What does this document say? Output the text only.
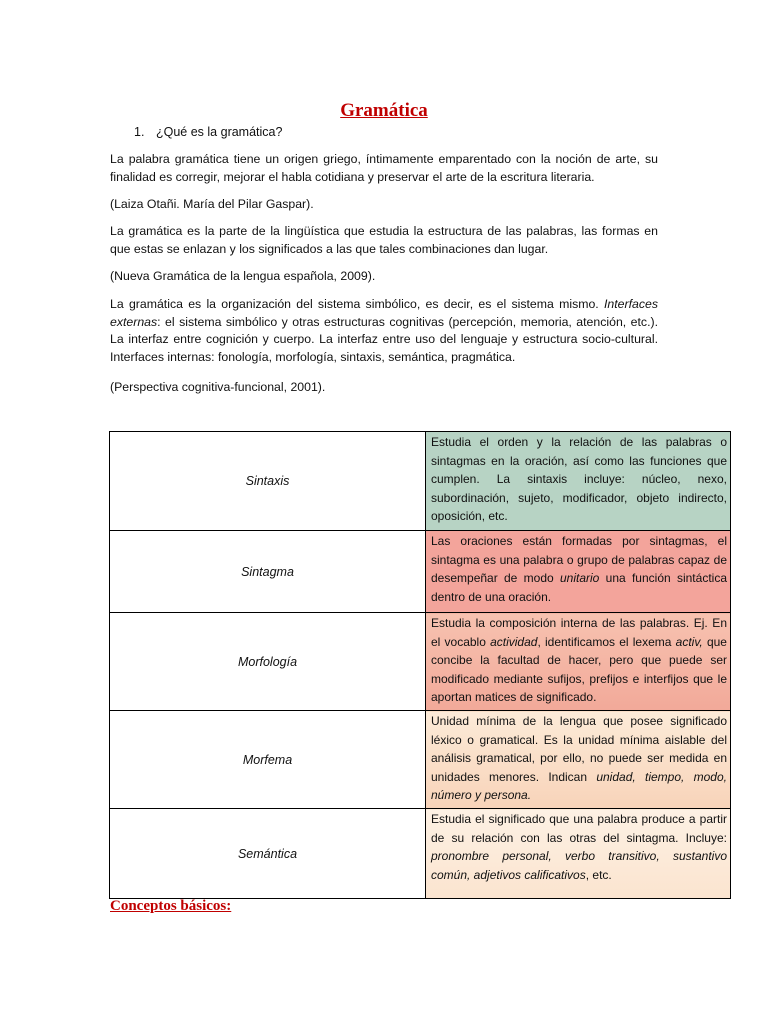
Gramática
1. ¿Qué es la gramática?
La palabra gramática tiene un origen griego, íntimamente emparentado con la noción de arte, su finalidad es corregir, mejorar el habla cotidiana y preservar el arte de la escritura literaria.
(Laiza Otañi. María del Pilar Gaspar).
La gramática es la parte de la lingüística que estudia la estructura de las palabras, las formas en que estas se enlazan y los significados a las que tales combinaciones dan lugar.
(Nueva Gramática de la lengua española, 2009).
La gramática es la organización del sistema simbólico, es decir, es el sistema mismo. Interfaces externas: el sistema simbólico y otras estructuras cognitivas (percepción, memoria, atención, etc.). La interfaz entre cognición y cuerpo. La interfaz entre uso del lenguaje y estructura socio-cultural. Interfaces internas: fonología, morfología, sintaxis, semántica, pragmática.
(Perspectiva cognitiva-funcional, 2001).
Sintaxis	Estudia el orden y la relación de las palabras o sintagmas en la oración, así como las funciones que cumplen. La sintaxis incluye: núcleo, nexo, subordinación, sujeto, modificador, objeto indirecto, oposición, etc.
Sintagma	Las oraciones están formadas por sintagmas, el sintagma es una palabra o grupo de palabras capaz de desempeñar de modo unitario una función sintáctica dentro de una oración.
Morfología	Estudia la composición interna de las palabras. Ej. En el vocablo actividad, identificamos el lexema activ, que concibe la facultad de hacer, pero que puede ser modificado mediante sufijos, prefijos e interfijos que le aportan matices de significado.
Morfema	Unidad mínima de la lengua que posee significado léxico o gramatical. Es la unidad mínima aislable del análisis gramatical, por ello, no puede ser medida en unidades menores. Indican unidad, tiempo, modo, número y persona.
Semántica	Estudia el significado que una palabra produce a partir de su relación con las otras del sintagma. Incluye: pronombre personal, verbo transitivo, sustantivo común, adjetivos calificativos, etc.
Conceptos básicos:
